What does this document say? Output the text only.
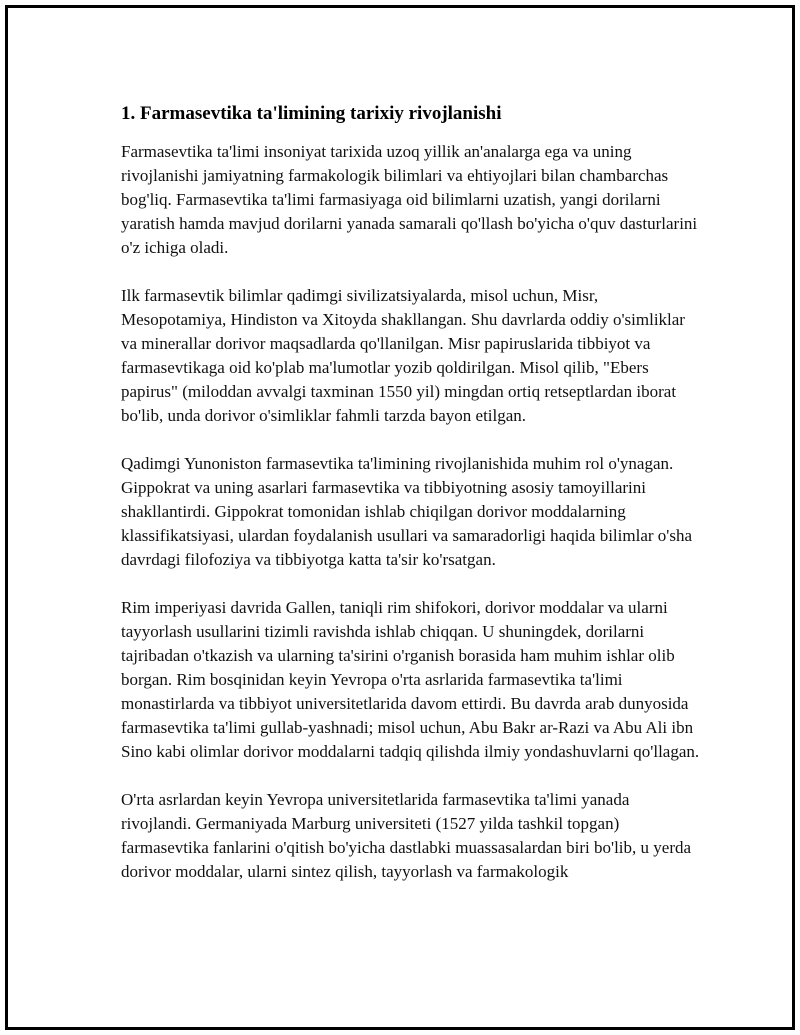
1. Farmasevtika ta'limining tarixiy rivojlanishi

Farmasevtika ta'limi insoniyat tarixida uzoq yillik an'analarga ega va uning rivojlanishi jamiyatning farmakologik bilimlari va ehtiyojlari bilan chambarchas bog'liq. Farmasevtika ta'limi farmasiyaga oid bilimlarni uzatish, yangi dorilarni yaratish hamda mavjud dorilarni yanada samarali qo'llash bo'yicha o'quv dasturlarini o'z ichiga oladi.

Ilk farmasevtik bilimlar qadimgi sivilizatsiyalarda, misol uchun, Misr, Mesopotamiya, Hindiston va Xitoyda shakllangan. Shu davrlarda oddiy o'simliklar va minerallar dorivor maqsadlarda qo'llanilgan. Misr papiruslarida tibbiyot va farmasevtikaga oid ko'plab ma'lumotlar yozib qoldirilgan. Misol qilib, "Ebers papirus" (miloddan avvalgi taxminan 1550 yil) mingdan ortiq retseptlardan iborat bo'lib, unda dorivor o'simliklar fahmli tarzda bayon etilgan.

Qadimgi Yunoniston farmasevtika ta'limining rivojlanishida muhim rol o'ynagan. Gippokrat va uning asarlari farmasevtika va tibbiyotning asosiy tamoyillarini shakllantirdi. Gippokrat tomonidan ishlab chiqilgan dorivor moddalarning klassifikatsiyasi, ulardan foydalanish usullari va samaradorligi haqida bilimlar o'sha davrdagi filofoziya va tibbiyotga katta ta'sir ko'rsatgan.

Rim imperiyasi davrida Gallen, taniqli rim shifokori, dorivor moddalar va ularni tayyorlash usullarini tizimli ravishda ishlab chiqqan. U shuningdek, dorilarni tajribadan o'tkazish va ularning ta'sirini o'rganish borasida ham muhim ishlar olib borgan. Rim bosqinidan keyin Yevropa o'rta asrlarida farmasevtika ta'limi monastirlarda va tibbiyot universitetlarida davom ettirdi. Bu davrda arab dunyosida farmasevtika ta'limi gullab-yashnadi; misol uchun, Abu Bakr ar-Razi va Abu Ali ibn Sino kabi olimlar dorivor moddalarni tadqiq qilishda ilmiy yondashuvlarni qo'llagan.

O'rta asrlardan keyin Yevropa universitetlarida farmasevtika ta'limi yanada rivojlandi. Germaniyada Marburg universiteti (1527 yilda tashkil topgan) farmasevtika fanlarini o'qitish bo'yicha dastlabki muassasalardan biri bo'lib, u yerda dorivor moddalar, ularni sintez qilish, tayyorlash va farmakologik
